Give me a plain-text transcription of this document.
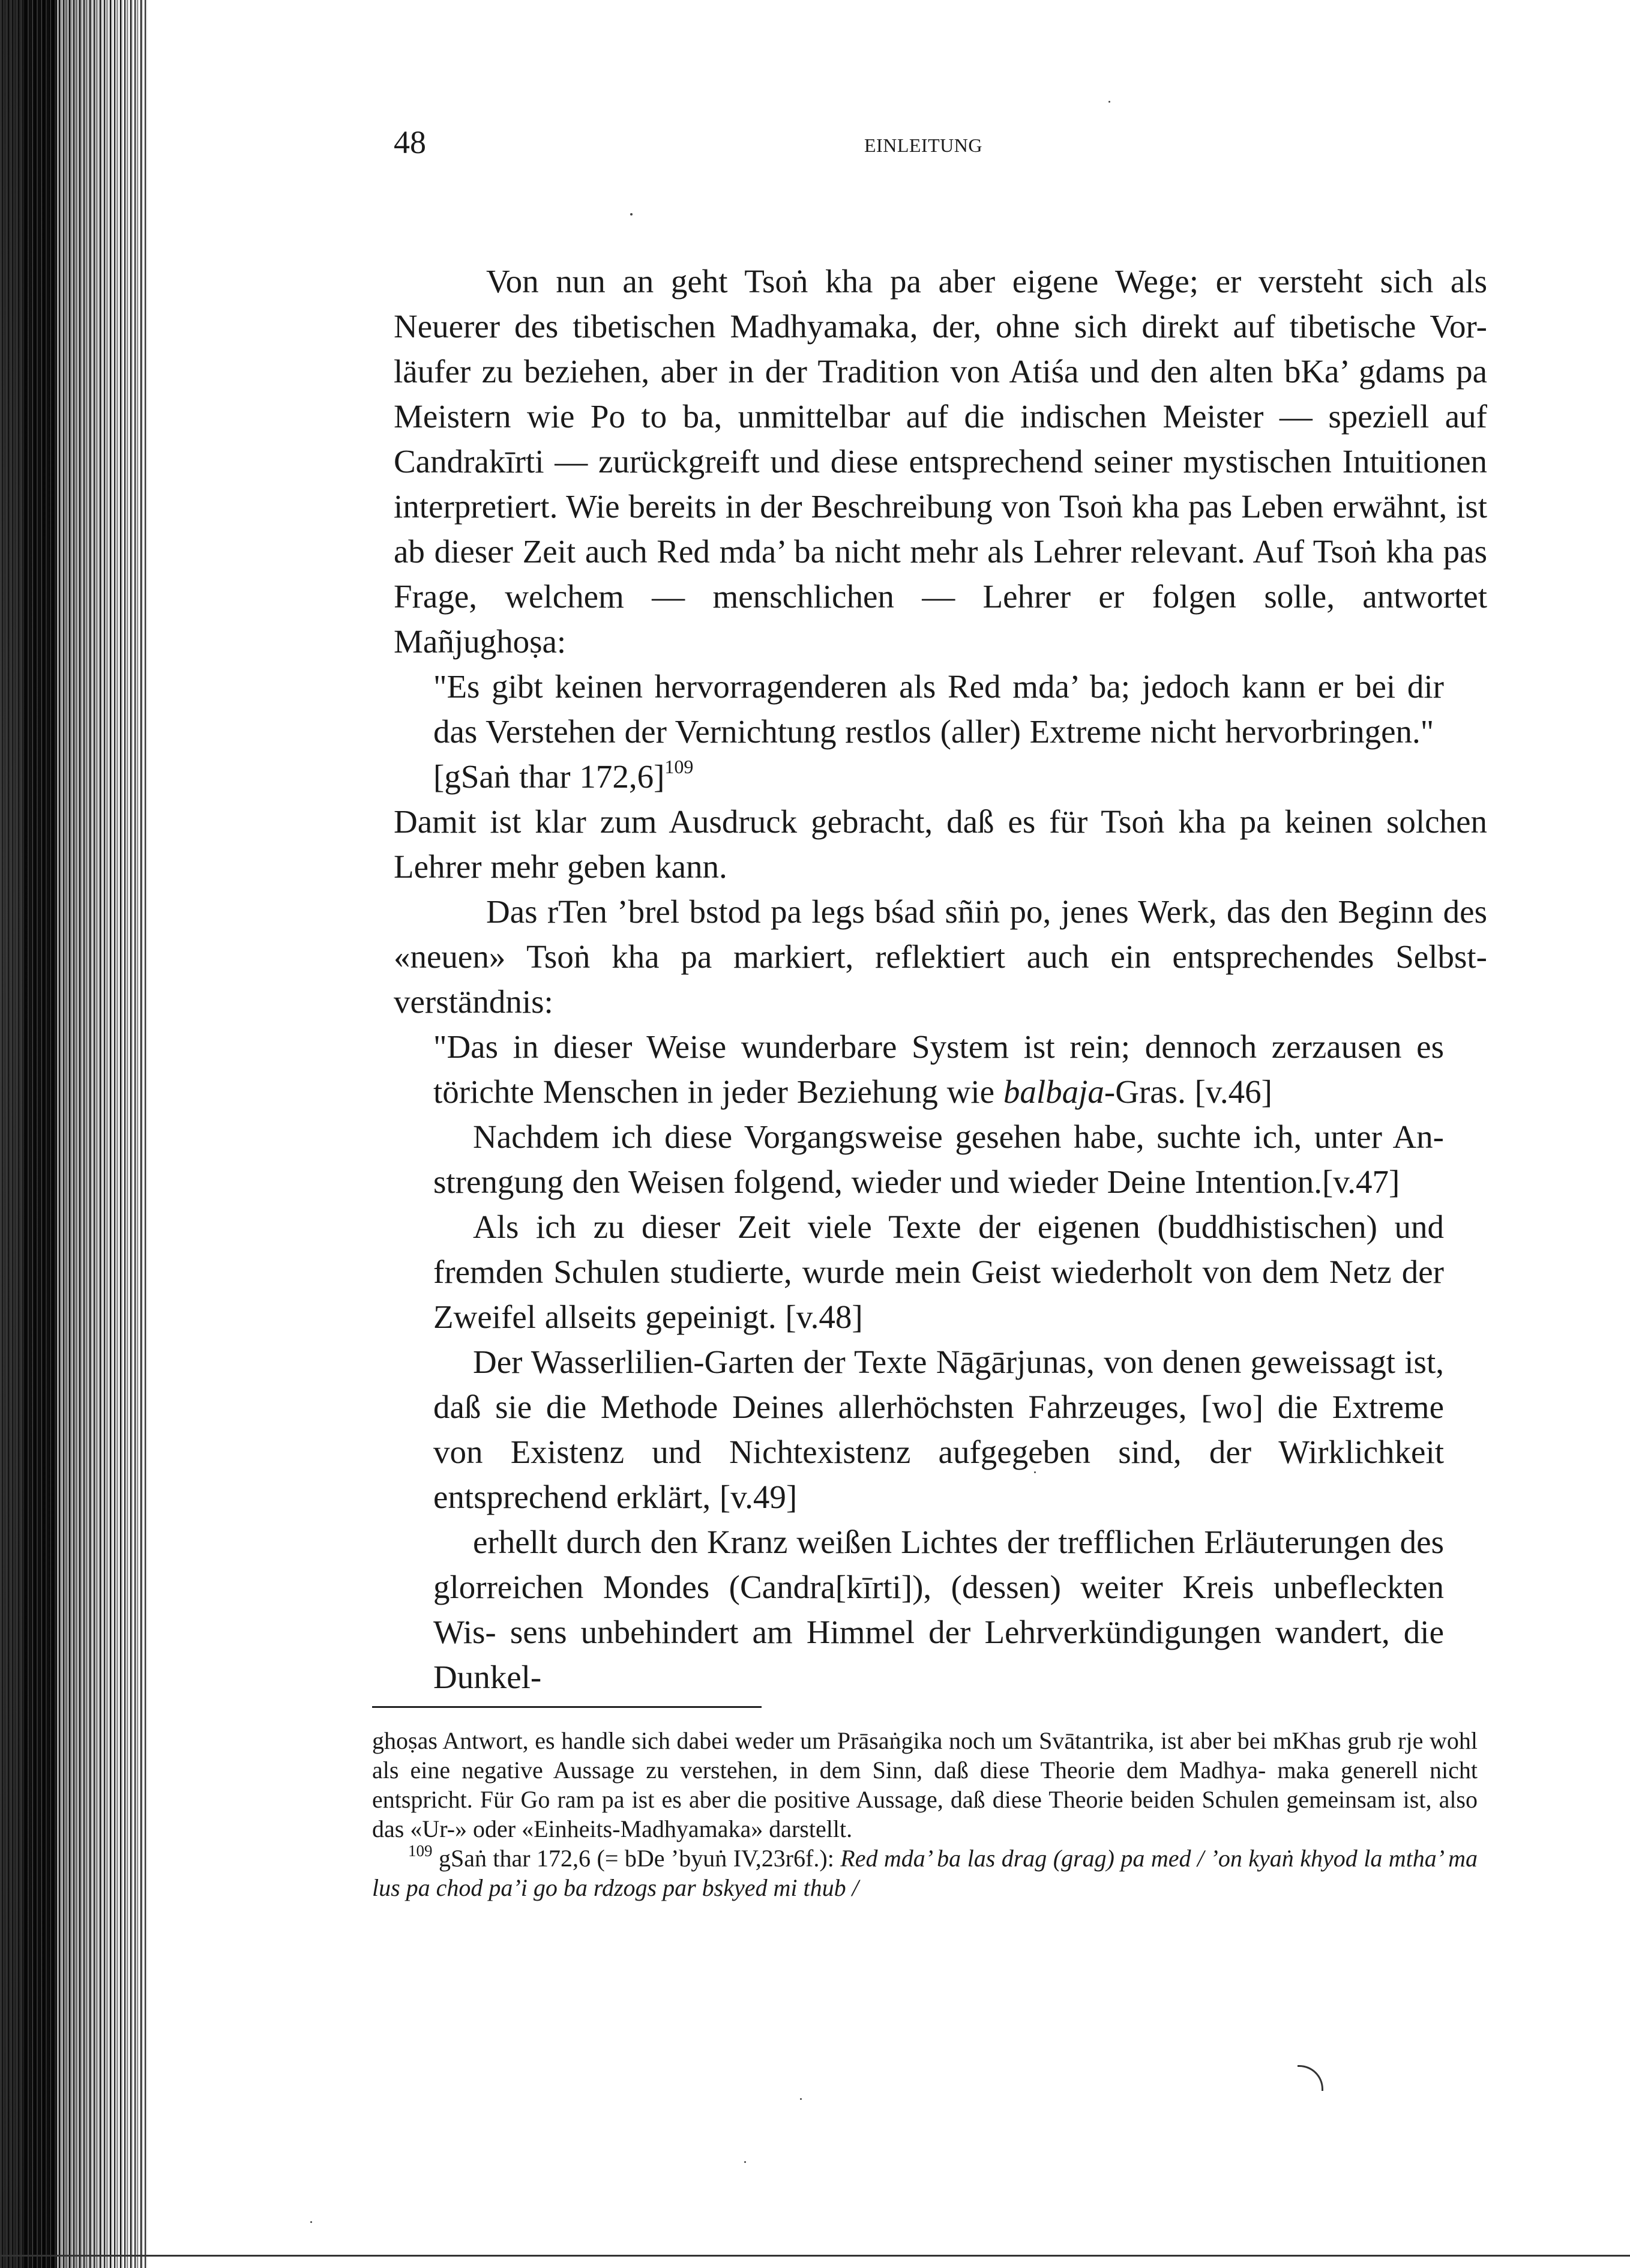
48	EINLEITUNG

Von nun an geht Tsoṅ kha pa aber eigene Wege; er versteht sich als Neuerer des tibetischen Madhyamaka, der, ohne sich direkt auf tibetische Vor- läufer zu beziehen, aber in der Tradition von Atiśa und den alten bKa’ gdams pa Meistern wie Po to ba, unmittelbar auf die indischen Meister — speziell auf Candrakīrti — zurückgreift und diese entsprechend seiner mystischen Intuitionen interpretiert. Wie bereits in der Beschreibung von Tsoṅ kha pas Leben erwähnt, ist ab dieser Zeit auch Red mda’ ba nicht mehr als Lehrer relevant. Auf Tsoṅ kha pas Frage, welchem — menschlichen — Lehrer er folgen solle, antwortet Mañjughoṣa:

"Es gibt keinen hervorragenderen als Red mda’ ba; jedoch kann er bei dir das Verstehen der Vernichtung restlos (aller) Extreme nicht hervorbringen."
[gSaṅ thar 172,6]$^{109}$

Damit ist klar zum Ausdruck gebracht, daß es für Tsoṅ kha pa keinen solchen Lehrer mehr geben kann.

Das rTen ’brel bstod pa legs bśad sñiṅ po, jenes Werk, das den Beginn des «neuen» Tsoṅ kha pa markiert, reflektiert auch ein entsprechendes Selbst- verständnis:

"Das in dieser Weise wunderbare System ist rein; dennoch zerzausen es törichte Menschen in jeder Beziehung wie balbaja-Gras. [v.46]

Nachdem ich diese Vorgangsweise gesehen habe, suchte ich, unter An- strengung den Weisen folgend, wieder und wieder Deine Intention.[v.47]

Als ich zu dieser Zeit viele Texte der eigenen (buddhistischen) und fremden Schulen studierte, wurde mein Geist wiederholt von dem Netz der Zweifel allseits gepeinigt. [v.48]

Der Wasserlilien-Garten der Texte Nāgārjunas, von denen geweissagt ist, daß sie die Methode Deines allerhöchsten Fahrzeuges, [wo] die Extreme von Existenz und Nichtexistenz aufgegeben sind, der Wirklichkeit entsprechend erklärt, [v.49]

erhellt durch den Kranz weißen Lichtes der trefflichen Erläuterungen des glorreichen Mondes (Candra[kīrti]), (dessen) weiter Kreis unbefleckten Wis- sens unbehindert am Himmel der Lehrverkündigungen wandert, die Dunkel-

ghoṣas Antwort, es handle sich dabei weder um Prāsaṅgika noch um Svātantrika, ist aber bei mKhas grub rje wohl als eine negative Aussage zu verstehen, in dem Sinn, daß diese Theorie dem Madhya- maka generell nicht entspricht. Für Go ram pa ist es aber die positive Aussage, daß diese Theorie beiden Schulen gemeinsam ist, also das «Ur-» oder «Einheits-Madhyamaka» darstellt.

$^{109}$ gSaṅ thar 172,6 (= bDe ’byuṅ IV,23r6f.): Red mda’ ba las drag (grag) pa med / ’on kyaṅ khyod la mtha’ ma lus pa chod pa’i go ba rdzogs par bskyed mi thub /
